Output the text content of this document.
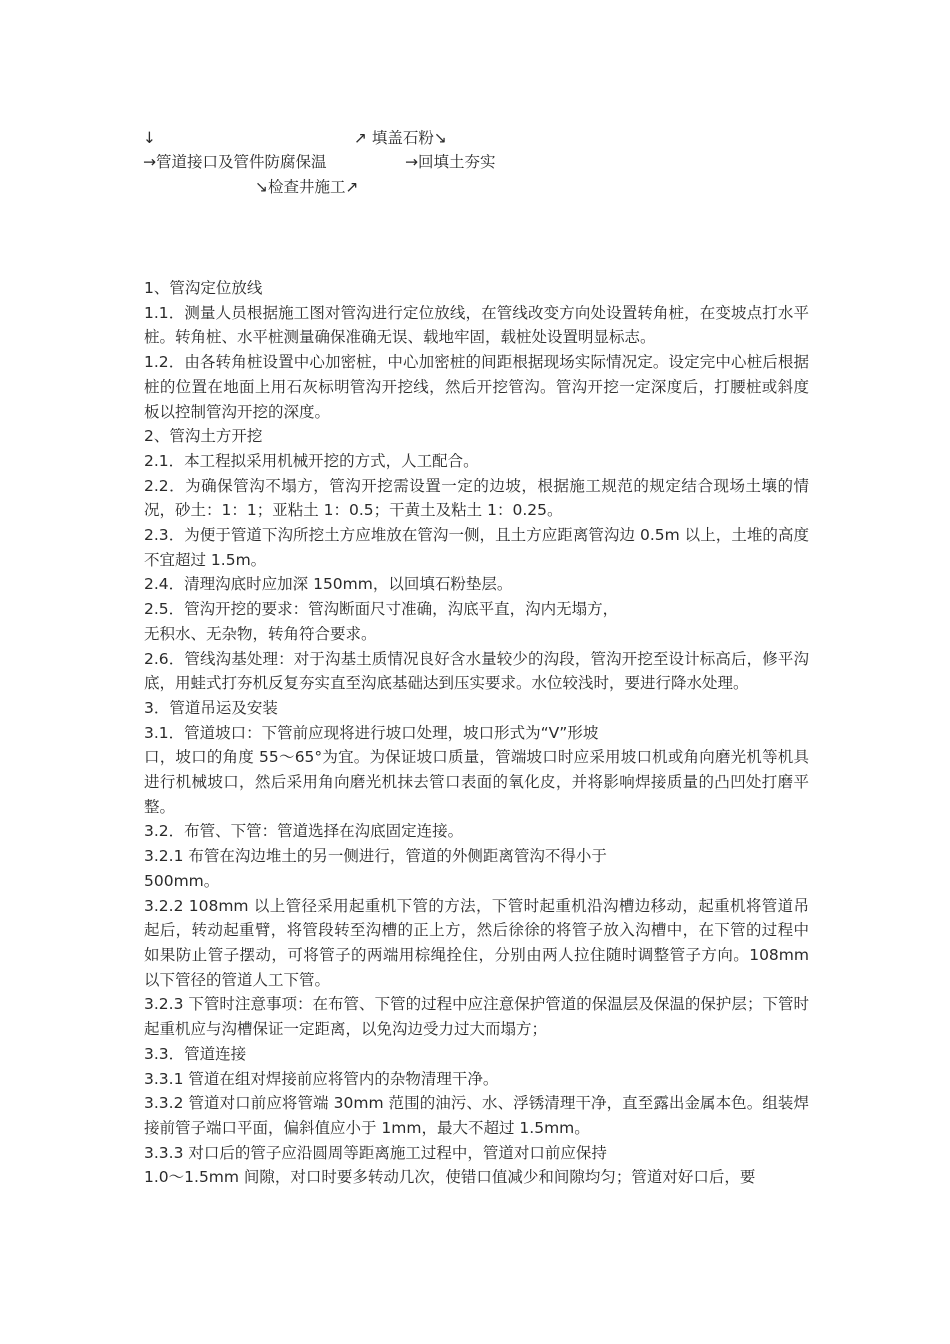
↓	↗ 填盖石粉↘
→管道接口及管件防腐保温	→回填土夯实
↘检查井施工↗

1、管沟定位放线

1.1．测量人员根据施工图对管沟进行定位放线，在管线改变方向处设置转角桩，在变坡点打水平桩。转角桩、水平桩测量确保准确无误、载地牢固，载桩处设置明显标志。

1.2．由各转角桩设置中心加密桩，中心加密桩的间距根据现场实际情况定。设定完中心桩后根据桩的位置在地面上用石灰标明管沟开挖线，然后开挖管沟。管沟开挖一定深度后，打腰桩或斜度板以控制管沟开挖的深度。

2、管沟土方开挖

2.1．本工程拟采用机械开挖的方式，人工配合。

2.2．为确保管沟不塌方，管沟开挖需设置一定的边坡，根据施工规范的规定结合现场土壤的情况，砂土：1：1；亚粘土 1：0.5；干黄土及粘土 1：0.25。

2.3．为便于管道下沟所挖土方应堆放在管沟一侧，且土方应距离管沟边 0.5m 以上，土堆的高度不宜超过 1.5m。

2.4．清理沟底时应加深 150mm，以回填石粉垫层。

2.5．管沟开挖的要求：管沟断面尺寸准确，沟底平直，沟内无塌方，

无积水、无杂物，转角符合要求。

2.6．管线沟基处理：对于沟基土质情况良好含水量较少的沟段，管沟开挖至设计标高后，修平沟底，用蛙式打夯机反复夯实直至沟底基础达到压实要求。水位较浅时，要进行降水处理。

3．管道吊运及安装

3.1．管道坡口：下管前应现将进行坡口处理，坡口形式为“V”形坡

口，坡口的角度 55～65°为宜。为保证坡口质量，管端坡口时应采用坡口机或角向磨光机等机具进行机械坡口，然后采用角向磨光机抹去管口表面的氧化皮，并将影响焊接质量的凸凹处打磨平整。

3.2．布管、下管：管道选择在沟底固定连接。

3.2.1 布管在沟边堆土的另一侧进行，管道的外侧距离管沟不得小于

500mm。

3.2.2 108mm 以上管径采用起重机下管的方法，下管时起重机沿沟槽边移动，起重机将管道吊起后，转动起重臂，将管段转至沟槽的正上方，然后徐徐的将管子放入沟槽中，在下管的过程中如果防止管子摆动，可将管子的两端用棕绳拴住，分别由两人拉住随时调整管子方向。108mm 以下管径的管道人工下管。

3.2.3 下管时注意事项：在布管、下管的过程中应注意保护管道的保温层及保温的保护层；下管时起重机应与沟槽保证一定距离，以免沟边受力过大而塌方；

3.3．管道连接

3.3.1 管道在组对焊接前应将管内的杂物清理干净。

3.3.2 管道对口前应将管端 30mm 范围的油污、水、浮锈清理干净，直至露出金属本色。组装焊接前管子端口平面，偏斜值应小于 1mm，最大不超过 1.5mm。

3.3.3 对口后的管子应沿圆周等距离施工过程中，管道对口前应保持

1.0～1.5mm 间隙，对口时要多转动几次，使错口值减少和间隙均匀；管道对好口后，要
